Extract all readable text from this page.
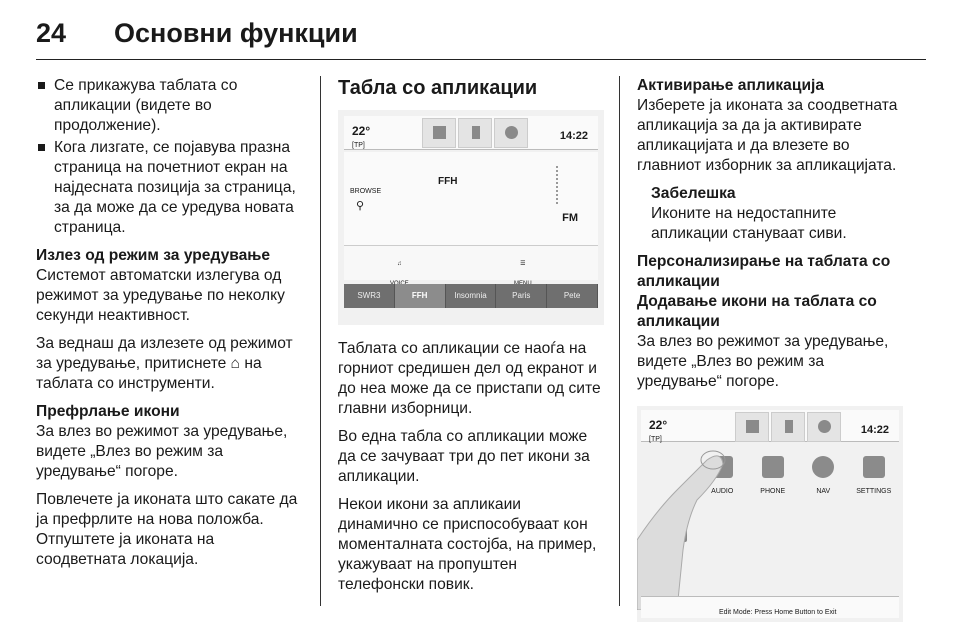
24 Основни функции
Се прикажува таблата со апликации (видете во продолжение).
Кога лизгате, се појавува празна страница на почетниот екран на најдесната позиција за страница, за да може да се уредува новата страница.
Излез од режим за уредување
Системот автоматски излегува од режимот за уредување по неколку секунди неактивност.
За веднаш да излезете од режимот за уредување, притиснете ⌂ на таблата со инструменти.
Префрлање икони
За влез во режимот за уредување, видете „Влез во режим за уредување“ погоре.
Повлечете ја иконата што сакате да ја префрлите на нова положба. Отпуштете ја иконата на соодветната локација.
Табла со апликации
22°
[TP]
14:22
BROWSE
⚲
FFH
FM
♫	☰
SWR3	FFH	Insomnia	Paris	Pete
Таблата со апликации се наоѓа на горниот средишен дел од екранот и до неа може да се пристапи од сите главни изборници.
Во една табла со апликации може да се зачуваат три до пет икони за апликации.
Некои икони за апликаии динамично се приспособуваат кон моменталната состојба, на пример, укажуваат на пропуштен телефонски повик.
Активирање апликација
Изберете ја иконата за соодветната апликација за да ја активирате апликацијата и да влезете во главниот изборник за апликацијата.
Забелешка
Иконите на недостапните апликации стануваат сиви.
Персонализирање на таблата со апликации
Додавање икони на таблата со апликации
За влез во режимот за уредување, видете „Влез во режим за уредување“ погоре.
22°
[TP]
14:22
AUDIO	PHONE	NAV	SETTINGS
Edit Mode: Press Home Button to Exit
